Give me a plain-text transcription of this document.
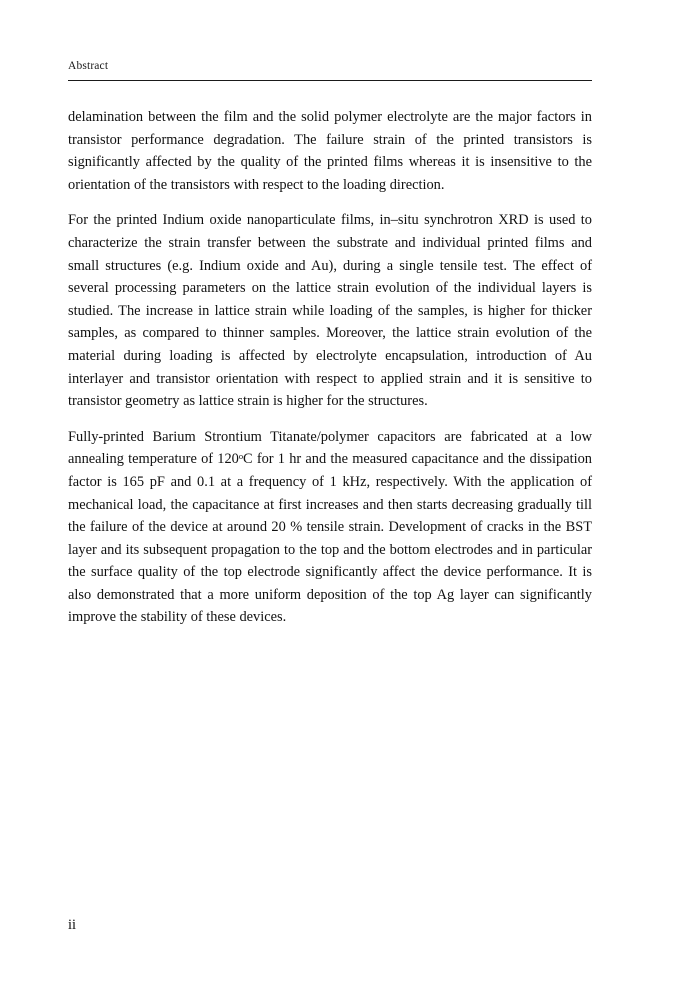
Abstract

delamination between the film and the solid polymer electrolyte are the major factors in transistor performance degradation. The failure strain of the printed transistors is significantly affected by the quality of the printed films whereas it is insensitive to the orientation of the transistors with respect to the loading direction.

For the printed Indium oxide nanoparticulate films, in–situ synchrotron XRD is used to characterize the strain transfer between the substrate and individual printed films and small structures (e.g. Indium oxide and Au), during a single tensile test. The effect of several processing parameters on the lattice strain evolution of the individual layers is studied. The increase in lattice strain while loading of the samples, is higher for thicker samples, as compared to thinner samples. Moreover, the lattice strain evolution of the material during loading is affected by electrolyte encapsulation, introduction of Au interlayer and transistor orientation with respect to applied strain and it is sensitive to transistor geometry as lattice strain is higher for the structures.

Fully-printed Barium Strontium Titanate/polymer capacitors are fabricated at a low annealing temperature of 120ᵒC for 1 hr and the measured capacitance and the dissipation factor is 165 pF and 0.1 at a frequency of 1 kHz, respectively. With the application of mechanical load, the capacitance at first increases and then starts decreasing gradually till the failure of the device at around 20 % tensile strain. Development of cracks in the BST layer and its subsequent propagation to the top and the bottom electrodes and in particular the surface quality of the top electrode significantly affect the device performance. It is also demonstrated that a more uniform deposition of the top Ag layer can significantly improve the stability of these devices.

ii
